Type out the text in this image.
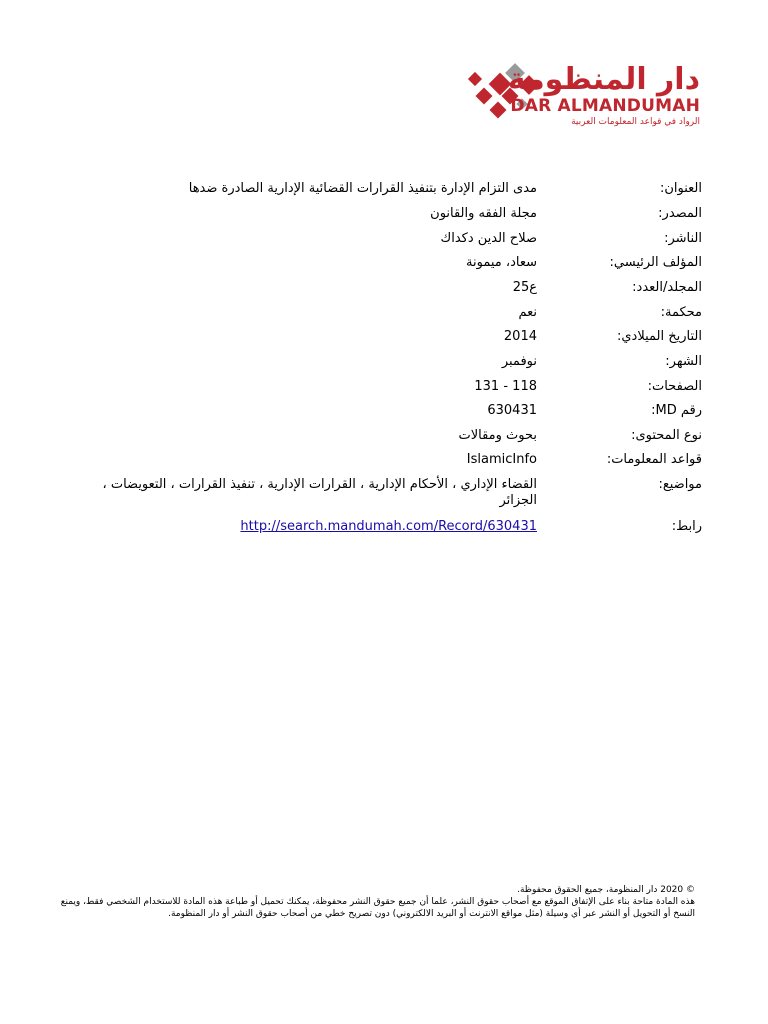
دار المنظومة
DAR ALMANDUMAH
الرواد في قواعد المعلومات العربية
العنوان:
مدى التزام الإدارة بتنفيذ القرارات القضائية الإدارية الصادرة ضدها
المصدر:
مجلة الفقه والقانون
الناشر:
صلاح الدين دكداك
المؤلف الرئيسي:
سعاد، ميمونة
المجلد/العدد:
ع25
محكمة:
نعم
التاريخ الميلادي:
2014
الشهر:
نوفمبر
الصفحات:
118 - 131
رقم MD:
630431
نوع المحتوى:
بحوث ومقالات
قواعد المعلومات:
IslamicInfo
مواضيع:
القضاء الإداري ، الأحكام الإدارية ، القرارات الإدارية ، تنفيذ القرارات ، التعويضات ، الجزائر
رابط:
http://search.mandumah.com/Record/630431

© 2020 دار المنظومة، جميع الحقوق محفوظة.

هذه المادة متاحة بناء على الإتفاق الموقع مع أصحاب حقوق النشر، علما أن جميع حقوق النشر محفوظة، يمكنك تحميل أو طباعة هذه المادة للاستخدام الشخصي فقط، ويمنع النسخ أو التحويل أو النشر عبر أي وسيلة (مثل مواقع الانترنت أو البريد الالكتروني) دون تصريح خطي من أصحاب حقوق النشر أو دار المنظومة.
